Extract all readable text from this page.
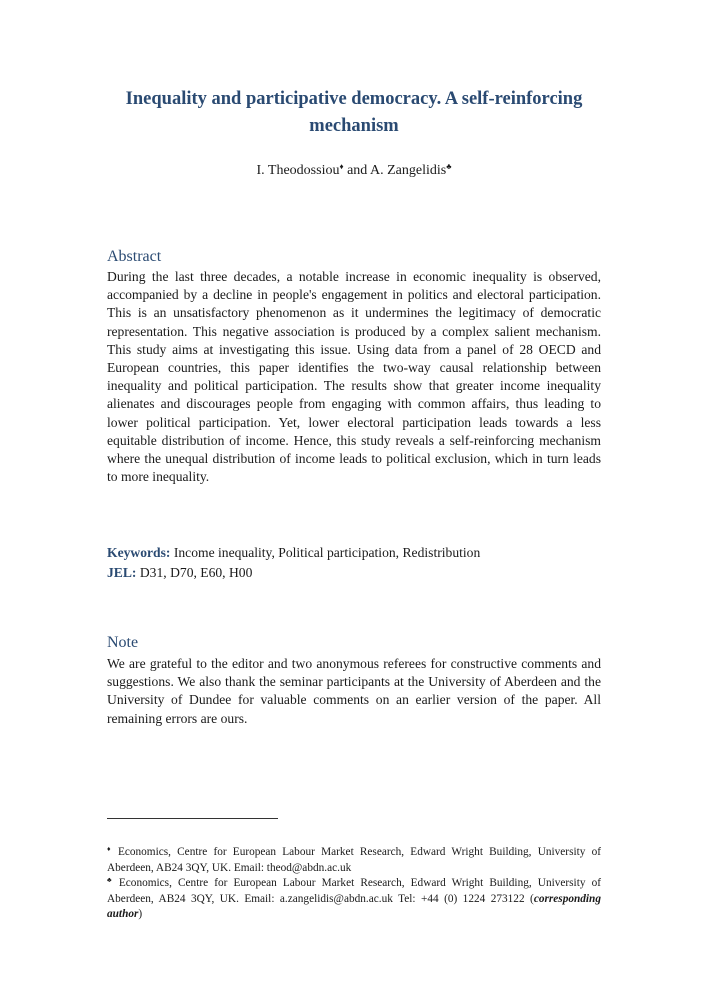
Inequality and participative democracy. A self-reinforcing mechanism
I. Theodossiou♦ and A. Zangelidis♣
Abstract
During the last three decades, a notable increase in economic inequality is observed, accompanied by a decline in people's engagement in politics and electoral participation. This is an unsatisfactory phenomenon as it undermines the legitimacy of democratic representation. This negative association is produced by a complex salient mechanism. This study aims at investigating this issue. Using data from a panel of 28 OECD and European countries, this paper identifies the two-way causal relationship between inequality and political participation. The results show that greater income inequality alienates and discourages people from engaging with common affairs, thus leading to lower political participation. Yet, lower electoral participation leads towards a less equitable distribution of income. Hence, this study reveals a self-reinforcing mechanism where the unequal distribution of income leads to political exclusion, which in turn leads to more inequality.
Keywords: Income inequality, Political participation, Redistribution
JEL: D31, D70, E60, H00
Note
We are grateful to the editor and two anonymous referees for constructive comments and suggestions. We also thank the seminar participants at the University of Aberdeen and the University of Dundee for valuable comments on an earlier version of the paper. All remaining errors are ours.
♦ Economics, Centre for European Labour Market Research, Edward Wright Building, University of Aberdeen, AB24 3QY, UK. Email: theod@abdn.ac.uk
♣ Economics, Centre for European Labour Market Research, Edward Wright Building, University of Aberdeen, AB24 3QY, UK. Email: a.zangelidis@abdn.ac.uk Tel: +44 (0) 1224 273122 (corresponding author)
